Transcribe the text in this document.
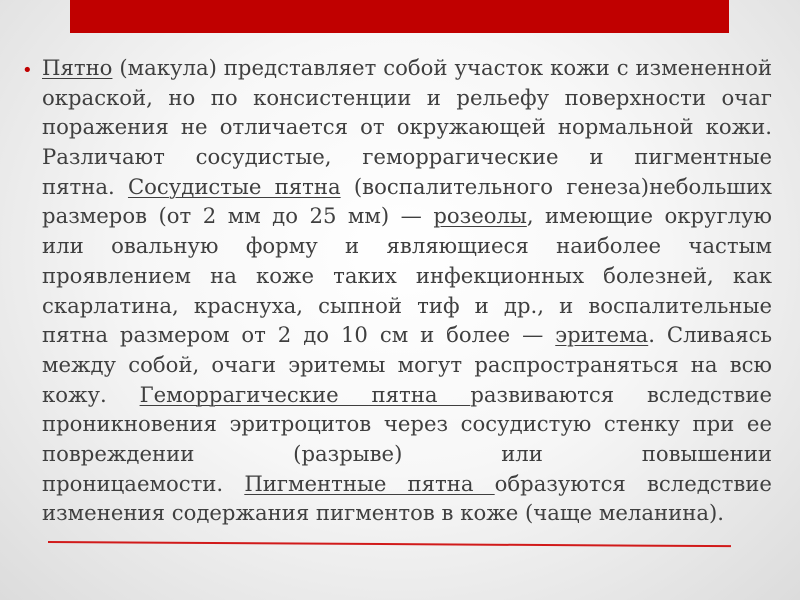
• Пятно (макула) представляет собой участок кожи с измененной
окраской, но по консистенции и рельефу поверхности очаг
поражения не отличается от окружающей нормальной кожи.
Различают сосудистые, геморрагические и пигментные
пятна. Сосудистые пятна (воспалительного генеза)небольших
размеров (от 2 мм до 25 мм) — розеолы, имеющие округлую
или овальную форму и являющиеся наиболее частым
проявлением на коже таких инфекционных болезней, как
скарлатина, краснуха, сыпной тиф и др., и воспалительные
пятна размером от 2 до 10 см и более — эритема. Сливаясь
между собой, очаги эритемы могут распространяться на всю
кожу. Геморрагические пятна развиваются вследствие
проникновения эритроцитов через сосудистую стенку при ее
повреждении (разрыве) или повышении
проницаемости. Пигментные пятна образуются вследствие
изменения содержания пигментов в коже (чаще меланина).
